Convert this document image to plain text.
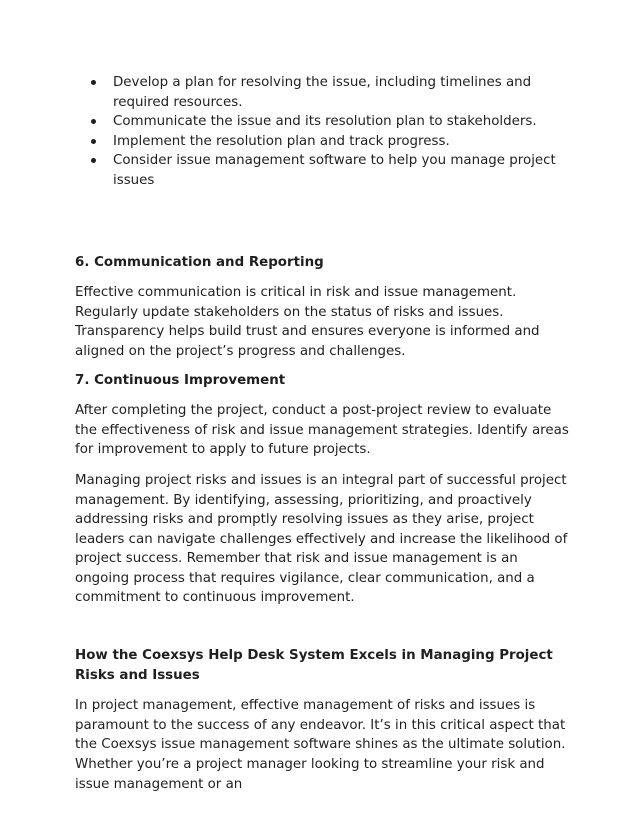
Develop a plan for resolving the issue, including timelines and required resources.
Communicate the issue and its resolution plan to stakeholders.
Implement the resolution plan and track progress.
Consider issue management software to help you manage project issues
6. Communication and Reporting

Effective communication is critical in risk and issue management. Regularly update stakeholders on the status of risks and issues. Transparency helps build trust and ensures everyone is informed and aligned on the project’s progress and challenges.

7. Continuous Improvement

After completing the project, conduct a post-project review to evaluate the effectiveness of risk and issue management strategies. Identify areas for improvement to apply to future projects.

Managing project risks and issues is an integral part of successful project management. By identifying, assessing, prioritizing, and proactively addressing risks and promptly resolving issues as they arise, project leaders can navigate challenges effectively and increase the likelihood of project success. Remember that risk and issue management is an ongoing process that requires vigilance, clear communication, and a commitment to continuous improvement.

How the Coexsys Help Desk System Excels in Managing Project Risks and Issues

In project management, effective management of risks and issues is paramount to the success of any endeavor. It’s in this critical aspect that the Coexsys issue management software shines as the ultimate solution. Whether you’re a project manager looking to streamline your risk and issue management or an
